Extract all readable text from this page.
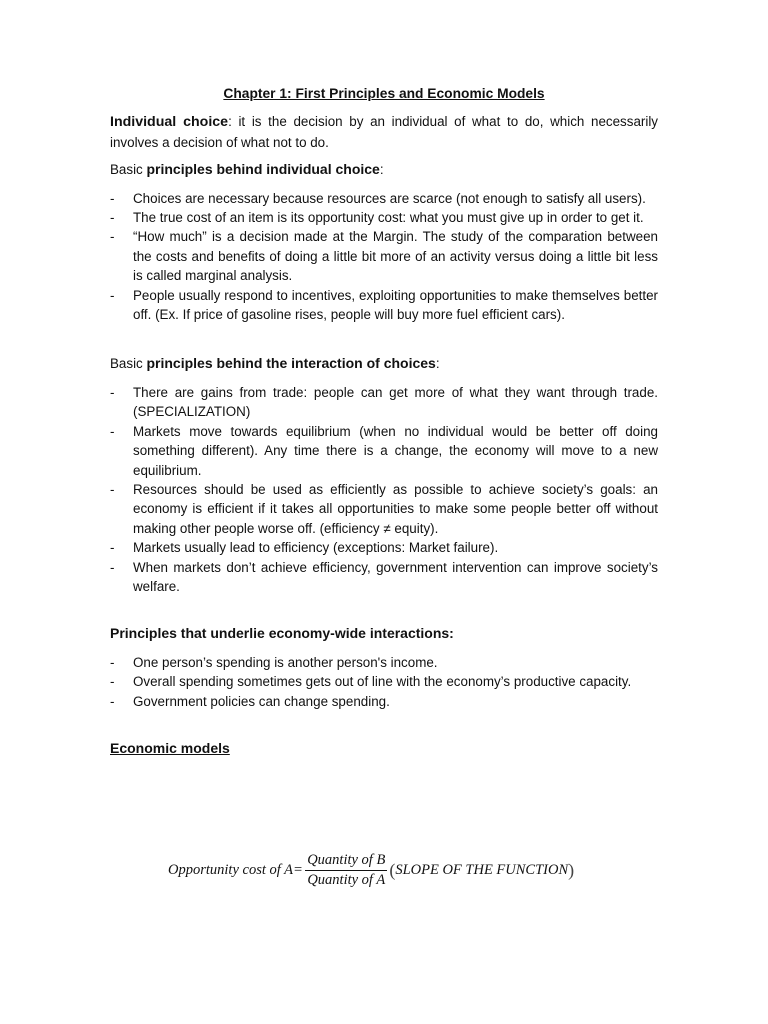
Chapter 1: First Principles and Economic Models

Individual choice: it is the decision by an individual of what to do, which necessarily involves a decision of what not to do.

Basic principles behind individual choice:

- Choices are necessary because resources are scarce (not enough to satisfy all users).
- The true cost of an item is its opportunity cost: what you must give up in order to get it.
- “How much” is a decision made at the Margin. The study of the comparation between the costs and benefits of doing a little bit more of an activity versus doing a little bit less is called marginal analysis.
- People usually respond to incentives, exploiting opportunities to make themselves better off. (Ex. If price of gasoline rises, people will buy more fuel efficient cars).

Basic principles behind the interaction of choices:

- There are gains from trade: people can get more of what they want through trade. (SPECIALIZATION)
- Markets move towards equilibrium (when no individual would be better off doing something different). Any time there is a change, the economy will move to a new equilibrium.
- Resources should be used as efficiently as possible to achieve society’s goals: an economy is efficient if it takes all opportunities to make some people better off without making other people worse off. (efficiency ≠ equity).
- Markets usually lead to efficiency (exceptions: Market failure).
- When markets don’t achieve efficiency, government intervention can improve society’s welfare.

Principles that underlie economy-wide interactions:

- One person’s spending is another person's income.
- Overall spending sometimes gets out of line with the economy’s productive capacity.
- Government policies can change spending.

Economic models

Opportunity cost of $A = \frac{\text{Quantity of B}}{\text{Quantity of A}}$ ( SLOPE OF THE FUNCTION )
